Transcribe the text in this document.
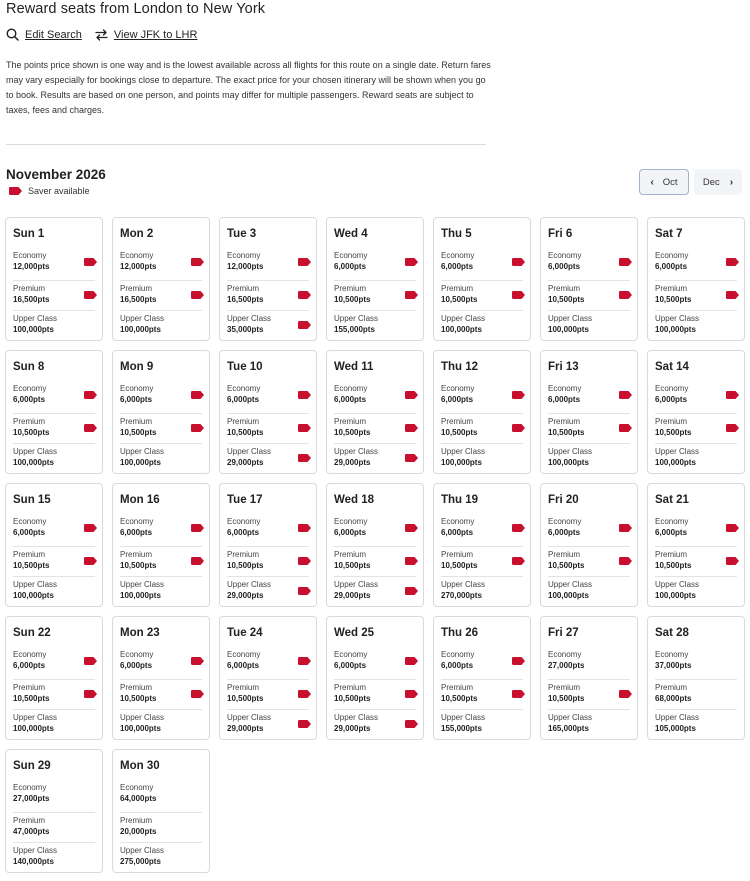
Reward seats from London to New York
Edit Search	View JFK to LHR

The points price shown is one way and is the lowest available across all flights for this route on a single date. Return fares may vary especially for bookings close to departure. The exact price for your chosen itinerary will be shown when you go to book. Results are based on one person, and points may differ for multiple passengers. Reward seats are subject to taxes, fees and charges.

November 2026
Saver available
‹ Oct	Dec ›
Sun 1
Economy
12,000pts
Premium
16,500pts
Upper Class
100,000pts
Mon 2
Economy
12,000pts
Premium
16,500pts
Upper Class
100,000pts
Tue 3
Economy
12,000pts
Premium
16,500pts
Upper Class
35,000pts
Wed 4
Economy
6,000pts
Premium
10,500pts
Upper Class
155,000pts
Thu 5
Economy
6,000pts
Premium
10,500pts
Upper Class
100,000pts
Fri 6
Economy
6,000pts
Premium
10,500pts
Upper Class
100,000pts
Sat 7
Economy
6,000pts
Premium
10,500pts
Upper Class
100,000pts
Sun 8
Economy
6,000pts
Premium
10,500pts
Upper Class
100,000pts
Mon 9
Economy
6,000pts
Premium
10,500pts
Upper Class
100,000pts
Tue 10
Economy
6,000pts
Premium
10,500pts
Upper Class
29,000pts
Wed 11
Economy
6,000pts
Premium
10,500pts
Upper Class
29,000pts
Thu 12
Economy
6,000pts
Premium
10,500pts
Upper Class
100,000pts
Fri 13
Economy
6,000pts
Premium
10,500pts
Upper Class
100,000pts
Sat 14
Economy
6,000pts
Premium
10,500pts
Upper Class
100,000pts
Sun 15
Economy
6,000pts
Premium
10,500pts
Upper Class
100,000pts
Mon 16
Economy
6,000pts
Premium
10,500pts
Upper Class
100,000pts
Tue 17
Economy
6,000pts
Premium
10,500pts
Upper Class
29,000pts
Wed 18
Economy
6,000pts
Premium
10,500pts
Upper Class
29,000pts
Thu 19
Economy
6,000pts
Premium
10,500pts
Upper Class
270,000pts
Fri 20
Economy
6,000pts
Premium
10,500pts
Upper Class
100,000pts
Sat 21
Economy
6,000pts
Premium
10,500pts
Upper Class
100,000pts
Sun 22
Economy
6,000pts
Premium
10,500pts
Upper Class
100,000pts
Mon 23
Economy
6,000pts
Premium
10,500pts
Upper Class
100,000pts
Tue 24
Economy
6,000pts
Premium
10,500pts
Upper Class
29,000pts
Wed 25
Economy
6,000pts
Premium
10,500pts
Upper Class
29,000pts
Thu 26
Economy
6,000pts
Premium
10,500pts
Upper Class
155,000pts
Fri 27
Economy
27,000pts
Premium
10,500pts
Upper Class
165,000pts
Sat 28
Economy
37,000pts
Premium
68,000pts
Upper Class
105,000pts
Sun 29
Economy
27,000pts
Premium
47,000pts
Upper Class
140,000pts
Mon 30
Economy
64,000pts
Premium
20,000pts
Upper Class
275,000pts
